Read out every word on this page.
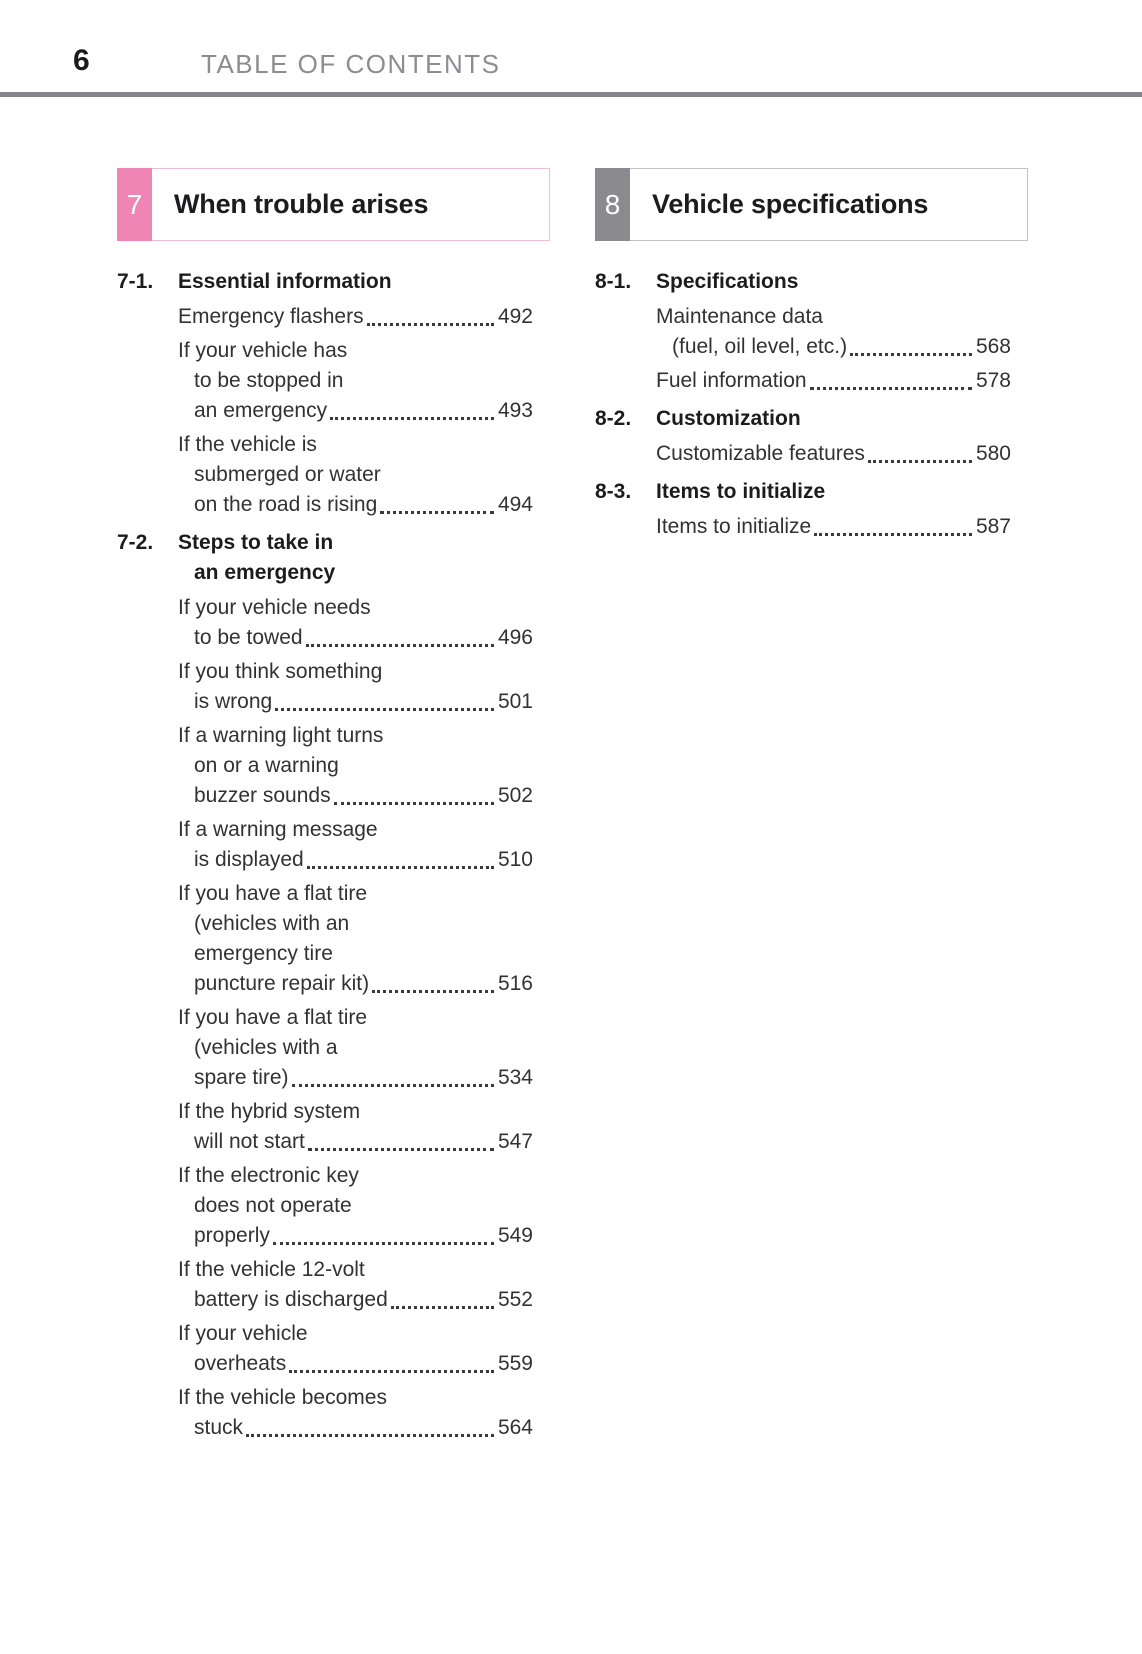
6	TABLE OF CONTENTS
7	When trouble arises
7-1.	Essential information
Emergency flashers	492
If your vehicle has
to be stopped in
an emergency	493
If the vehicle is
submerged or water
on the road is rising	494
7-2.	Steps to take in
an emergency
If your vehicle needs
to be towed	496
If you think something
is wrong	501
If a warning light turns
on or a warning
buzzer sounds	502
If a warning message
is displayed	510
If you have a flat tire
(vehicles with an
emergency tire
puncture repair kit)	516
If you have a flat tire
(vehicles with a
spare tire)	534
If the hybrid system
will not start	547
If the electronic key
does not operate
properly	549
If the vehicle 12-volt
battery is discharged	552
If your vehicle
overheats	559
If the vehicle becomes
stuck	564
8	Vehicle specifications
8-1.	Specifications
Maintenance data
(fuel, oil level, etc.)	568
Fuel information	578
8-2.	Customization
Customizable features	580
8-3.	Items to initialize
Items to initialize	587
